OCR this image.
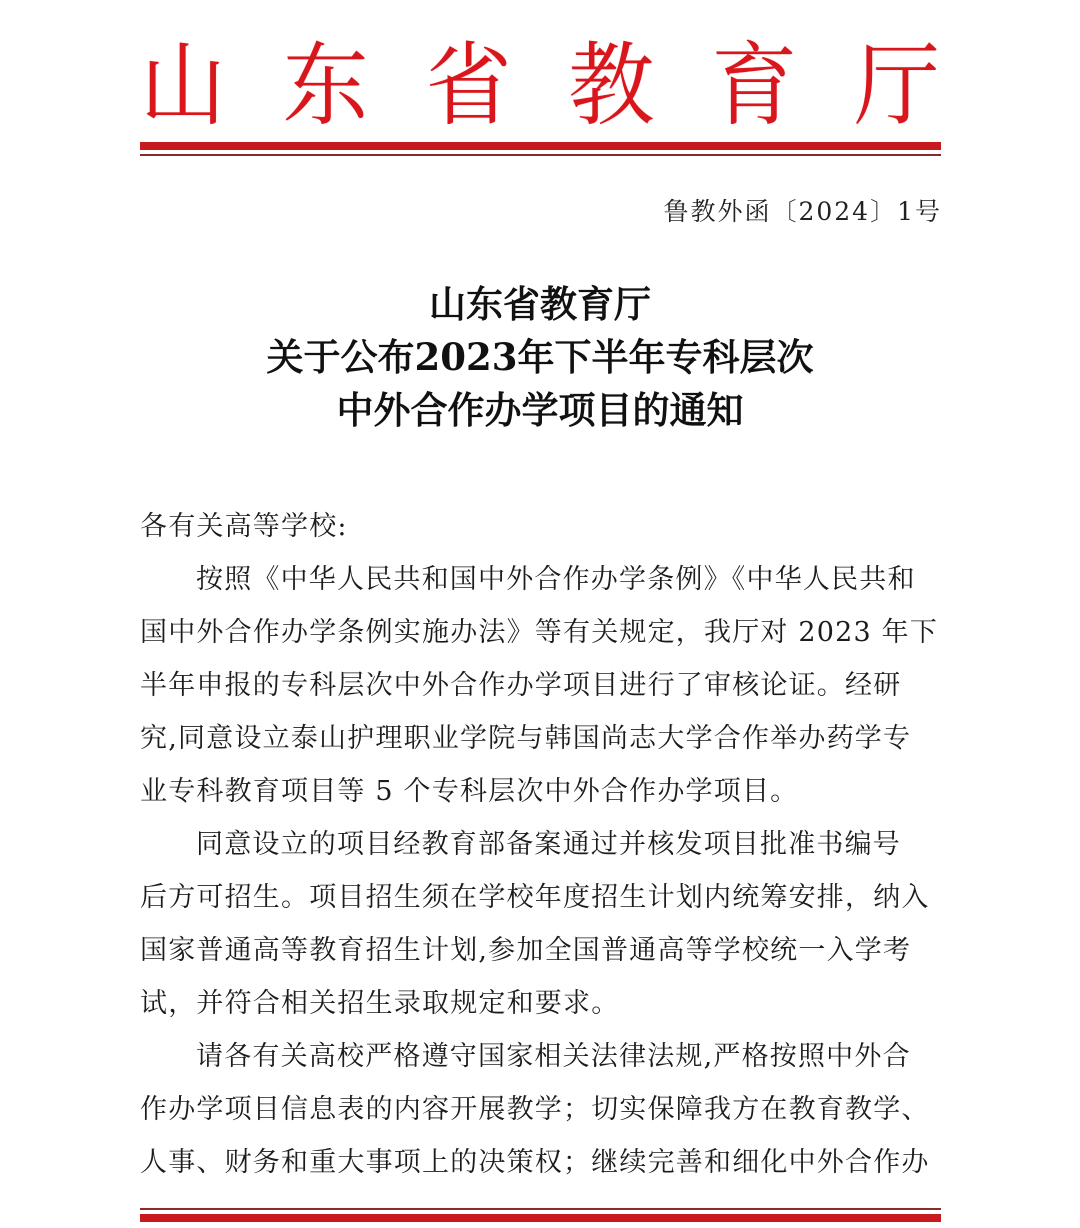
山 东 省 教 育 厅
鲁教外函〔2024〕1号
山东省教育厅
关于公布2023年下半年专科层次
中外合作办学项目的通知
各有关高等学校:
按照《中华人民共和国中外合作办学条例》《中华人民共和
国中外合作办学条例实施办法》等有关规定，我厅对 2023 年下
半年申报的专科层次中外合作办学项目进行了审核论证。经研
究,同意设立泰山护理职业学院与韩国尚志大学合作举办药学专
业专科教育项目等 5 个专科层次中外合作办学项目。
同意设立的项目经教育部备案通过并核发项目批准书编号
后方可招生。项目招生须在学校年度招生计划内统筹安排，纳入
国家普通高等教育招生计划,参加全国普通高等学校统一入学考
试，并符合相关招生录取规定和要求。
请各有关高校严格遵守国家相关法律法规,严格按照中外合
作办学项目信息表的内容开展教学；切实保障我方在教育教学、
人事、财务和重大事项上的决策权；继续完善和细化中外合作办
